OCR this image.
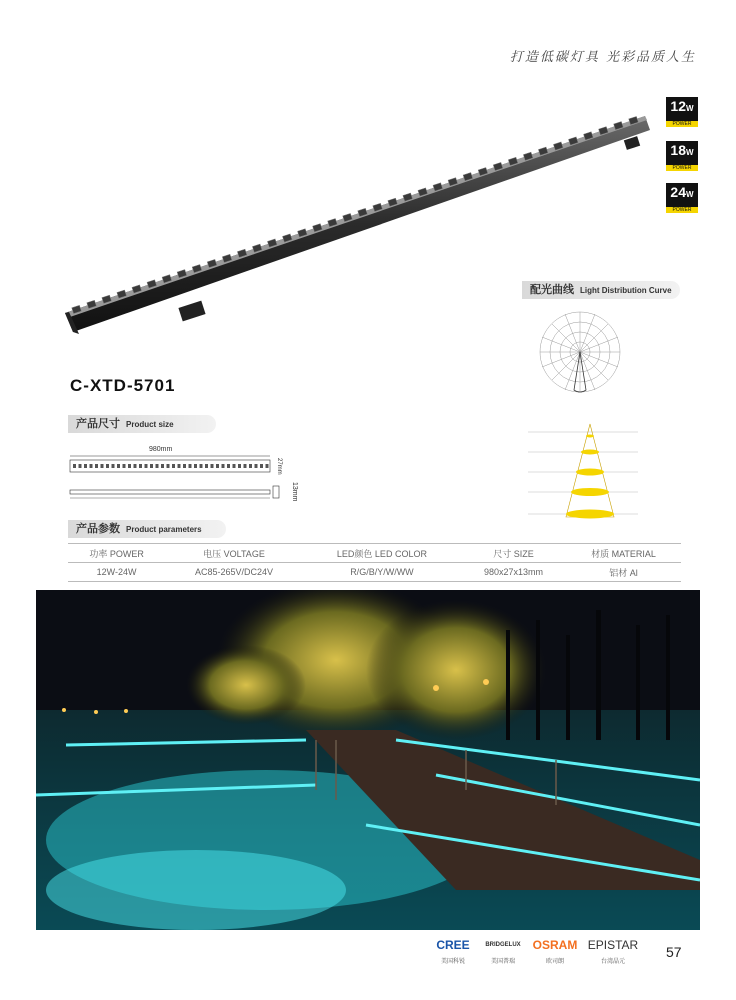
打造低碳灯具 光彩品质人生
12W
POWER
18W
POWER
24W
POWER
配光曲线 Light Distribution Curve
C-XTD-5701
产品尺寸 Product size
980mm
27mm
13mm
产品参数 Product parameters
功率 POWER	电压 VOLTAGE	LED颜色 LED COLOR	尺寸 SIZE	材质 MATERIAL
12W-24W	AC85-265V/DC24V	R/G/B/Y/W/WW	980x27x13mm	铝材 Al
CREE
美国科锐
BRIDGELUX
美国普瑞
OSRAM
欧司朗
EPISTAR
台湾晶元
57
